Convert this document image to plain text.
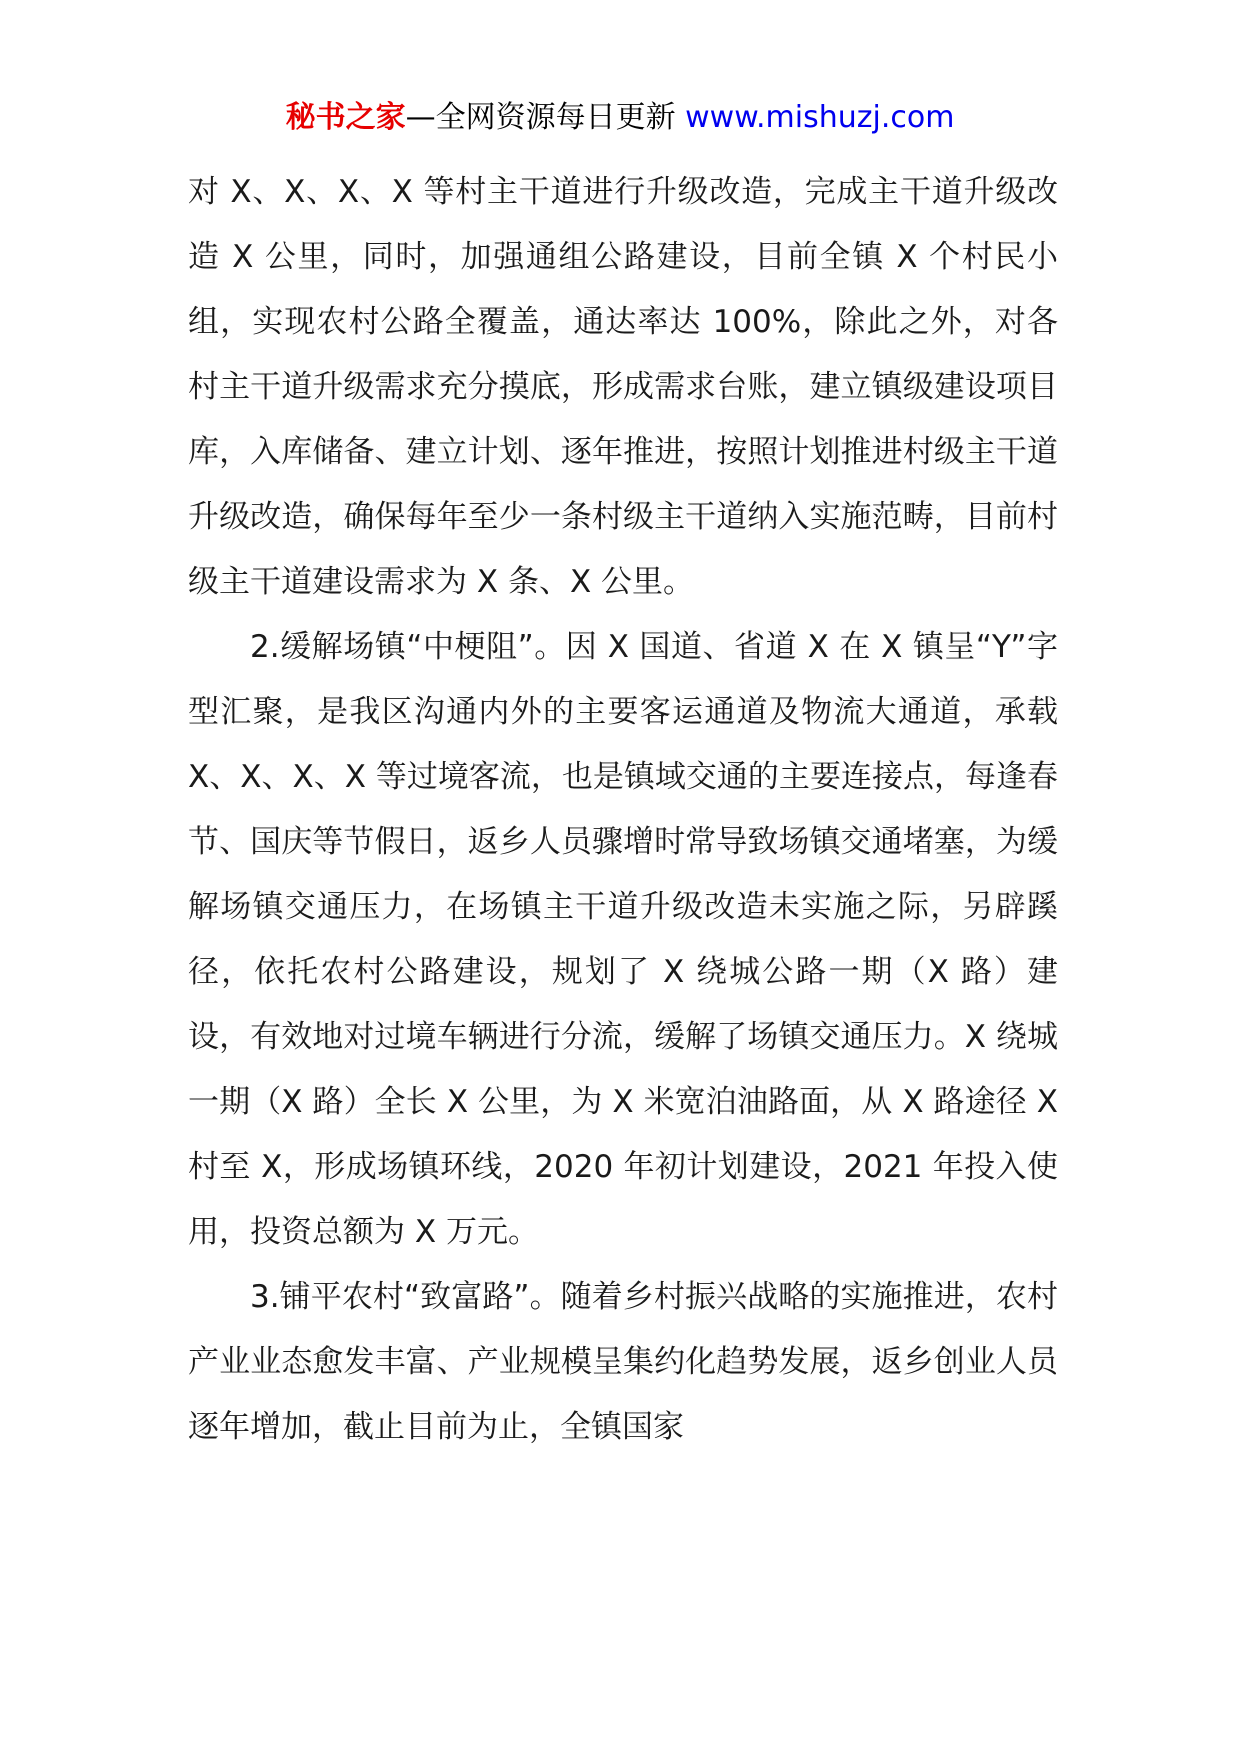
秘书之家—全网资源每日更新 www.mishuzj.com

对 X、X、X、X 等村主干道进行升级改造，完成主干道升级改造 X 公里，同时，加强通组公路建设，目前全镇 X 个村民小组，实现农村公路全覆盖，通达率达 100%，除此之外，对各村主干道升级需求充分摸底，形成需求台账，建立镇级建设项目库，入库储备、建立计划、逐年推进，按照计划推进村级主干道升级改造，确保每年至少一条村级主干道纳入实施范畴，目前村级主干道建设需求为 X 条、X 公里。

2.缓解场镇“中梗阻”。因 X 国道、省道 X 在 X 镇呈“Y”字型汇聚，是我区沟通内外的主要客运通道及物流大通道，承载 X、X、X、X 等过境客流，也是镇域交通的主要连接点，每逢春节、国庆等节假日，返乡人员骤增时常导致场镇交通堵塞，为缓解场镇交通压力，在场镇主干道升级改造未实施之际，另辟蹊径，依托农村公路建设，规划了 X 绕城公路一期（X 路）建设，有效地对过境车辆进行分流，缓解了场镇交通压力。X 绕城一期（X 路）全长 X 公里，为 X 米宽泊油路面，从 X 路途径 X 村至 X，形成场镇环线，2020 年初计划建设，2021 年投入使用，投资总额为 X 万元。

3.铺平农村“致富路”。随着乡村振兴战略的实施推进，农村产业业态愈发丰富、产业规模呈集约化趋势发展，返乡创业人员逐年增加，截止目前为止，全镇国家
